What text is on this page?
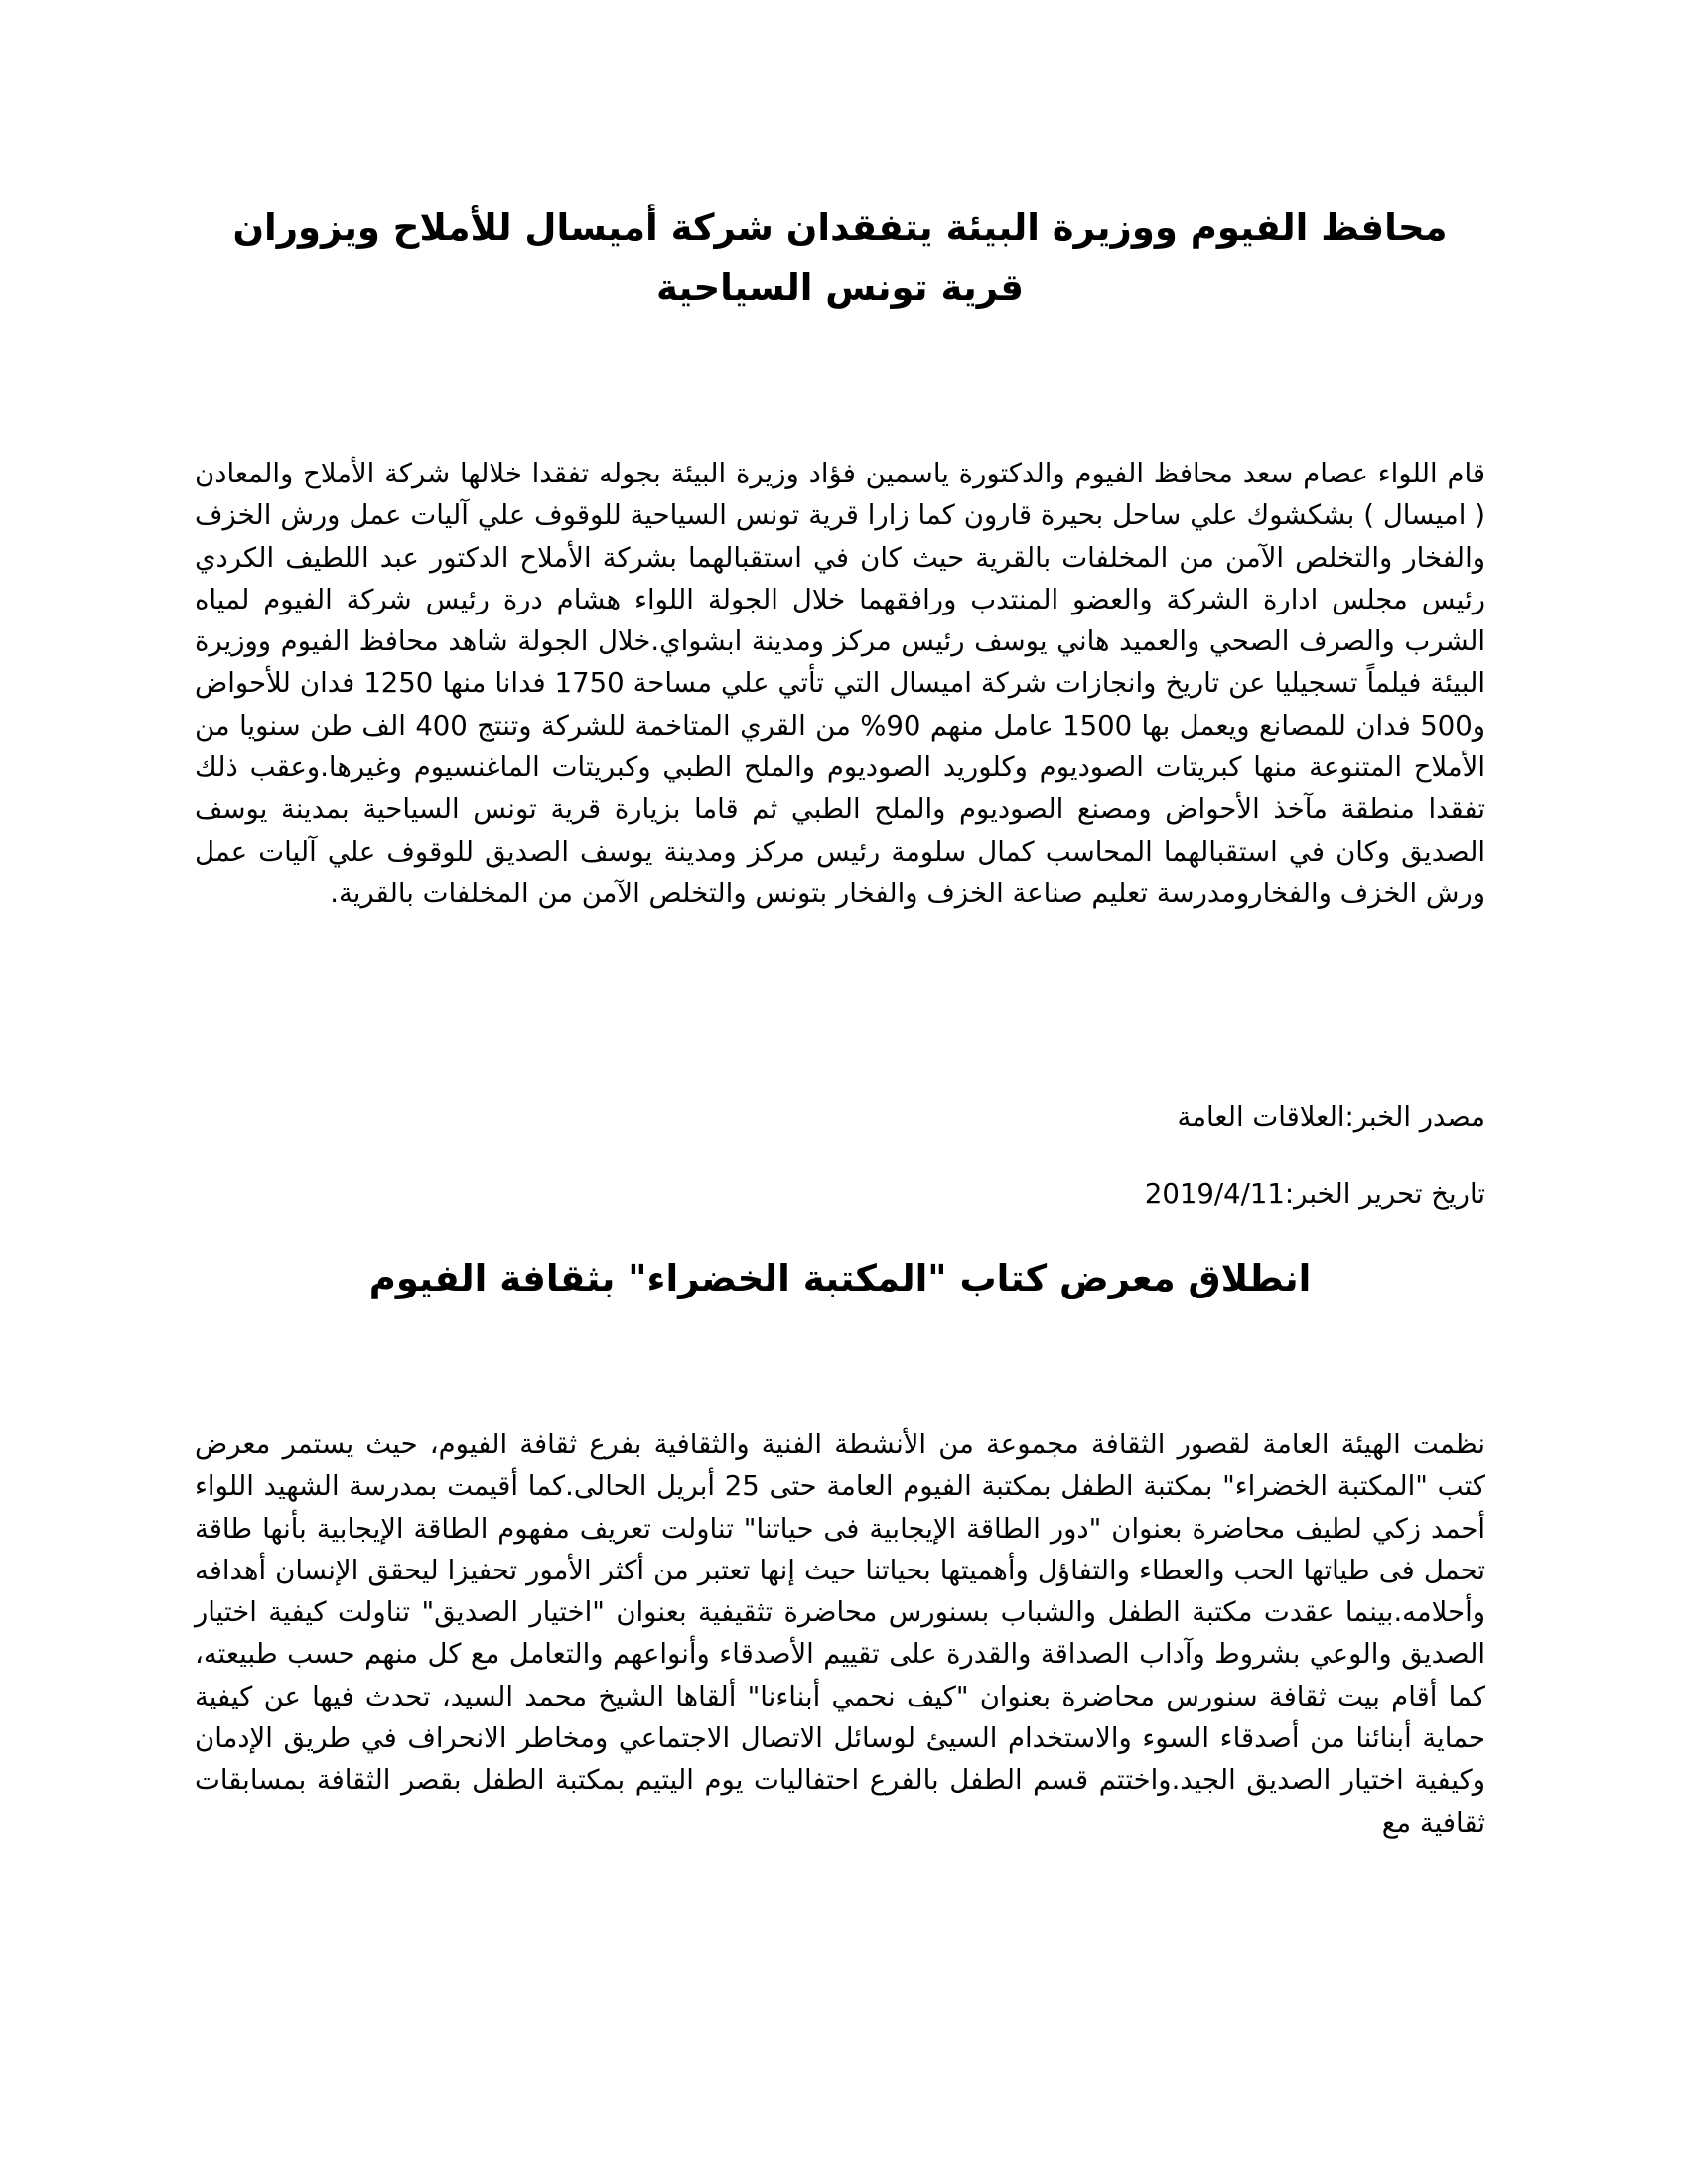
محافظ الفيوم ووزيرة البيئة يتفقدان شركة أميسال للأملاح ويزوران قرية تونس السياحية

قام اللواء عصام سعد محافظ الفيوم والدكتورة ياسمين فؤاد وزيرة البيئة بجوله تفقدا خلالها شركة الأملاح والمعادن ( اميسال ) بشكشوك علي ساحل بحيرة قارون كما زارا قرية تونس السياحية للوقوف علي آليات عمل ورش الخزف والفخار والتخلص الآمن من المخلفات بالقرية حيث كان في استقبالهما بشركة الأملاح الدكتور عبد اللطيف الكردي رئيس مجلس ادارة الشركة والعضو المنتدب ورافقهما خلال الجولة اللواء هشام درة رئيس شركة الفيوم لمياه الشرب والصرف الصحي والعميد هاني يوسف رئيس مركز ومدينة ابشواي.خلال الجولة شاهد محافظ الفيوم ووزيرة البيئة فيلماً تسجيليا عن تاريخ وانجازات شركة اميسال التي تأتي علي مساحة 1750 فدانا منها 1250 فدان للأحواض و500 فدان للمصانع ويعمل بها 1500 عامل منهم 90% من القري المتاخمة للشركة وتنتج 400 الف طن سنويا من الأملاح المتنوعة منها كبريتات الصوديوم وكلوريد الصوديوم والملح الطبي وكبريتات الماغنسيوم وغيرها.وعقب ذلك تفقدا منطقة مآخذ الأحواض ومصنع الصوديوم والملح الطبي ثم قاما بزيارة قرية تونس السياحية بمدينة يوسف الصديق وكان في استقبالهما المحاسب كمال سلومة رئيس مركز ومدينة يوسف الصديق للوقوف علي آليات عمل ورش الخزف والفخارومدرسة تعليم صناعة الخزف والفخار بتونس والتخلص الآمن من المخلفات بالقرية.

مصدر الخبر:العلاقات العامة

تاريخ تحرير الخبر:2019/4/11

انطلاق معرض كتاب "المكتبة الخضراء" بثقافة الفيوم

نظمت الهيئة العامة لقصور الثقافة مجموعة من الأنشطة الفنية والثقافية بفرع ثقافة الفيوم، حيث يستمر معرض كتب "المكتبة الخضراء" بمكتبة الطفل بمكتبة الفيوم العامة حتى 25 أبريل الحالى.كما أقيمت بمدرسة الشهيد اللواء أحمد زكي لطيف محاضرة بعنوان "دور الطاقة الإيجابية فى حياتنا" تناولت تعريف مفهوم الطاقة الإيجابية بأنها طاقة تحمل فى طياتها الحب والعطاء والتفاؤل وأهميتها بحياتنا حيث إنها تعتبر من أكثر الأمور تحفيزا ليحقق الإنسان أهدافه وأحلامه.بينما عقدت مكتبة الطفل والشباب بسنورس محاضرة تثقيفية بعنوان "اختيار الصديق" تناولت كيفية اختيار الصديق والوعي بشروط وآداب الصداقة والقدرة على تقييم الأصدقاء وأنواعهم والتعامل مع كل منهم حسب طبيعته، كما أقام بيت ثقافة سنورس محاضرة بعنوان "كيف نحمي أبناءنا" ألقاها الشيخ محمد السيد، تحدث فيها عن كيفية حماية أبنائنا من أصدقاء السوء والاستخدام السيئ لوسائل الاتصال الاجتماعي ومخاطر الانحراف في طريق الإدمان وكيفية اختيار الصديق الجيد.واختتم قسم الطفل بالفرع احتفاليات يوم اليتيم بمكتبة الطفل بقصر الثقافة بمسابقات ثقافية مع
